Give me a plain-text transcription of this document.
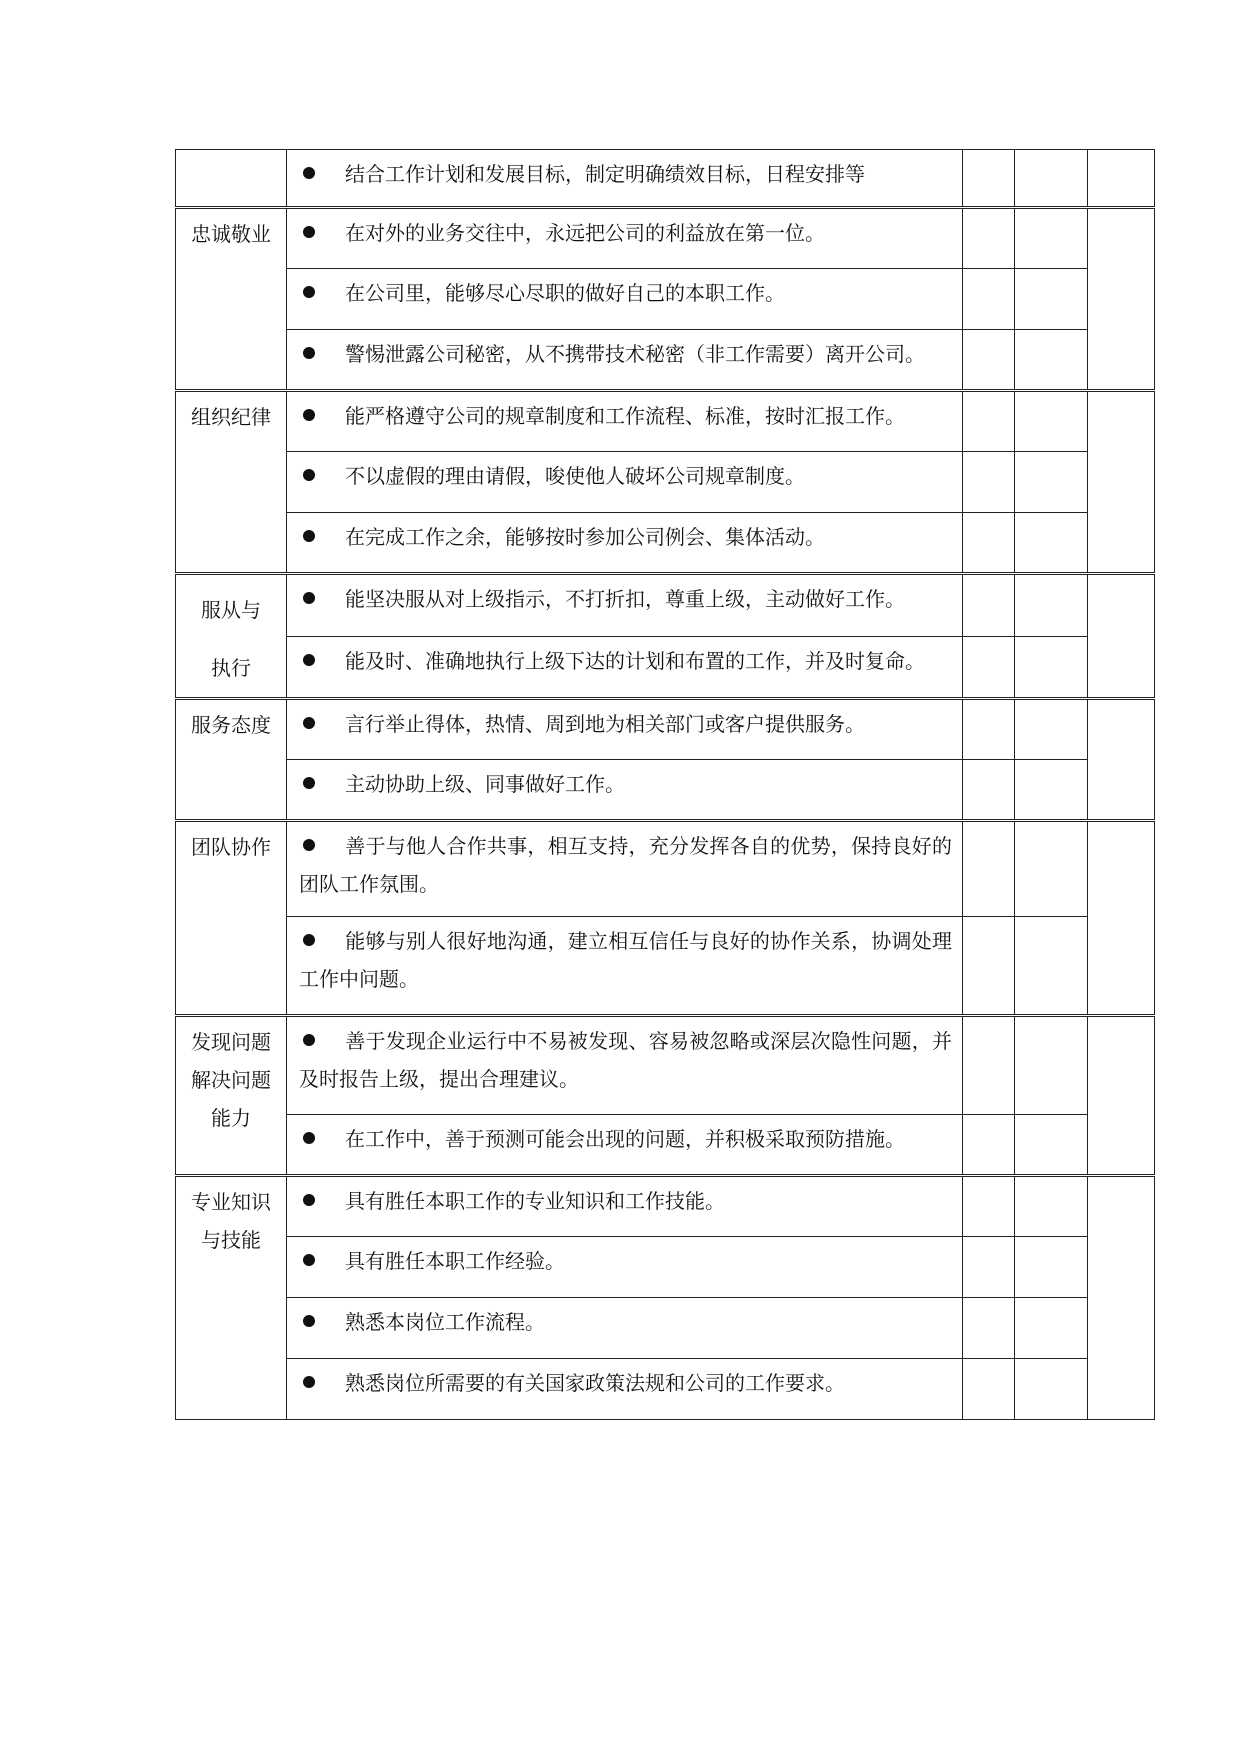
	结合工作计划和发展目标，制定明确绩效目标，日程安排等			

忠诚敬业	在对外的业务交往中，永远把公司的利益放在第一位。			
	在公司里，能够尽心尽职的做好自己的本职工作。			
	警惕泄露公司秘密，从不携带技术秘密（非工作需要）离开公司。			

组织纪律	能严格遵守公司的规章制度和工作流程、标准，按时汇报工作。			
	不以虚假的理由请假，唆使他人破坏公司规章制度。			
	在完成工作之余，能够按时参加公司例会、集体活动。			

服从与
执行	能坚决服从对上级指示，不打折扣，尊重上级，主动做好工作。			
	能及时、准确地执行上级下达的计划和布置的工作，并及时复命。			

服务态度	言行举止得体，热情、周到地为相关部门或客户提供服务。			
	主动协助上级、同事做好工作。			

团队协作	善于与他人合作共事，相互支持，充分发挥各自的优势，保持良好的团队工作氛围。			
	能够与别人很好地沟通，建立相互信任与良好的协作关系，协调处理工作中问题。			

发现问题
解决问题
能力	善于发现企业运行中不易被发现、容易被忽略或深层次隐性问题，并及时报告上级，提出合理建议。			
	在工作中，善于预测可能会出现的问题，并积极采取预防措施。			

专业知识
与技能	具有胜任本职工作的专业知识和工作技能。			
	具有胜任本职工作经验。			
	熟悉本岗位工作流程。			
	熟悉岗位所需要的有关国家政策法规和公司的工作要求。			
